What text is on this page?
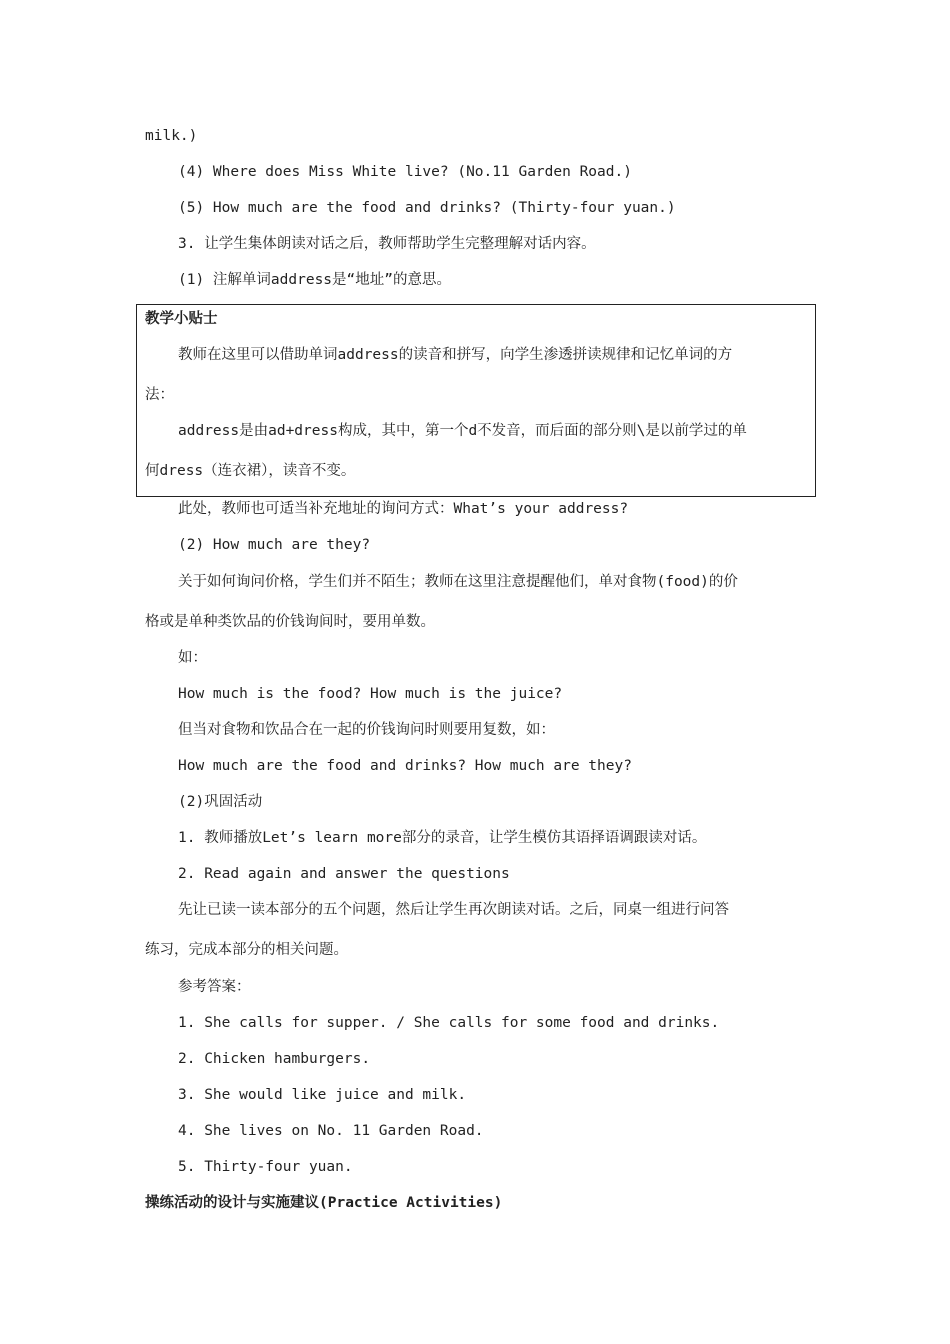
milk.)
(4) Where does Miss White live? (No.11 Garden Road.)
(5) How much are the food and drinks? (Thirty-four yuan.)
3. 让学生集体朗读对话之后，教师帮助学生完整理解对话内容。
(1) 注解单词address是“地址”的意思。
教学小贴士
教师在这里可以借助单词address的读音和拼写，向学生渗透拼读规律和记忆单词的方
法：
address是由ad+dress构成，其中，第一个d不发音，而后面的部分则\是以前学过的单
何dress（连衣裙），读音不变。
此处，教师也可适当补充地址的询问方式：What’s your address?
(2) How much are they?
关于如何询问价格，学生们并不陌生；教师在这里注意提醒他们，单对食物(food)的价
格或是单种类饮品的价钱询间时，要用单数。
如：
How much is the food? How much is the juice?
但当对食物和饮品合在一起的价钱询问时则要用复数，如：
How much are the food and drinks? How much are they?
(2)巩固活动
1. 教师播放Let’s learn more部分的录音，让学生模仿其语择语调跟读对话。
2. Read again and answer the questions
先让已读一读本部分的五个问题，然后让学生再次朗读对话。之后，同桌一组进行问答
练习，完成本部分的相关问题。
参考答案：
1. She calls for supper. / She calls for some food and drinks.
2. Chicken hamburgers.
3. She would like juice and milk.
4. She lives on No. 11 Garden Road.
5. Thirty-four yuan.
操练活动的设计与实施建议(Practice Activities)
